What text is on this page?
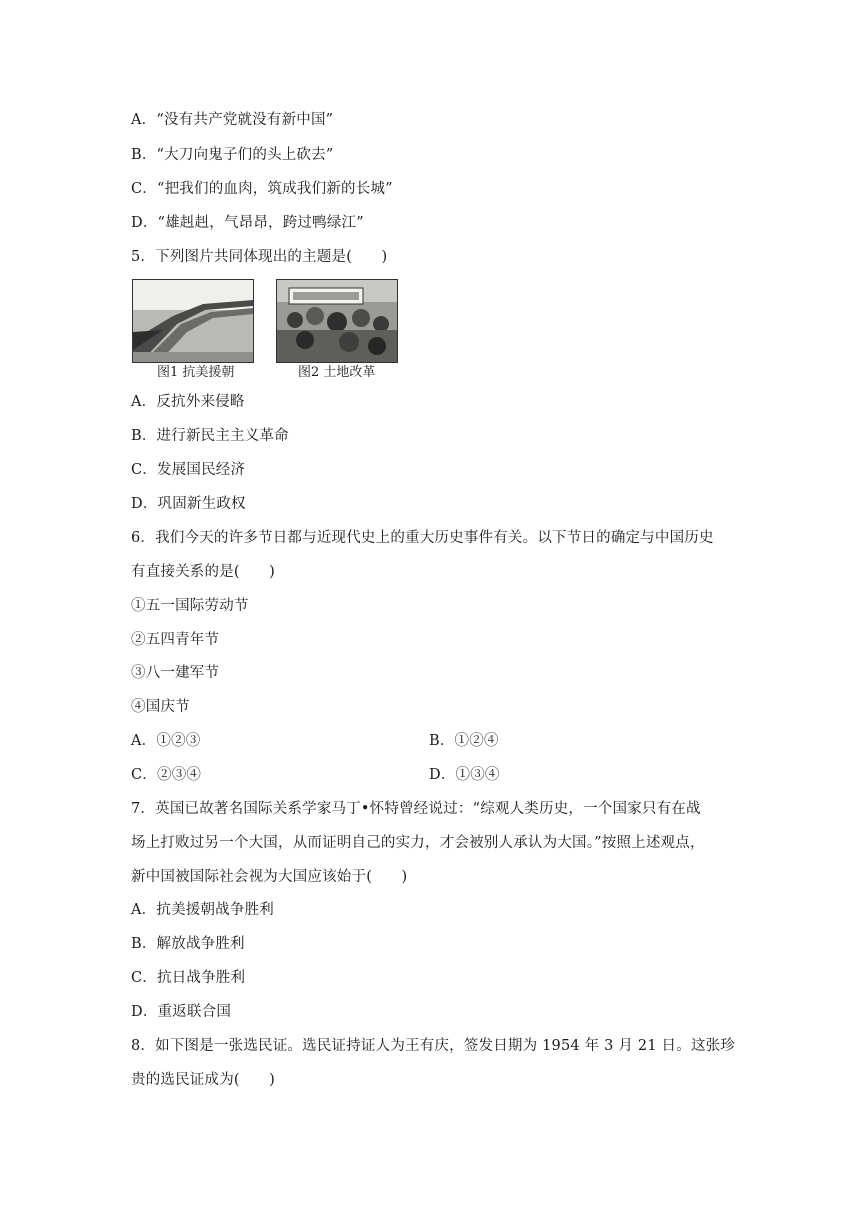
A．“没有共产党就没有新中国”
B．“大刀向鬼子们的头上砍去”
C．“把我们的血肉，筑成我们新的长城”
D．“雄赳赳，气昂昂，跨过鸭绿江”
5．下列图片共同体现出的主题是(　　)
图1 抗美援朝	图2 土地改革
A．反抗外来侵略
B．进行新民主主义革命
C．发展国民经济
D．巩固新生政权
6．我们今天的许多节日都与近现代史上的重大历史事件有关。以下节日的确定与中国历史
有直接关系的是(　　)
①五一国际劳动节
②五四青年节
③八一建军节
④国庆节
A．①②③	B．①②④
C．②③④	D．①③④
7．英国已故著名国际关系学家马丁•怀特曾经说过：“综观人类历史，一个国家只有在战
场上打败过另一个大国，从而证明自己的实力，才会被别人承认为大国。”按照上述观点，
新中国被国际社会视为大国应该始于(　　)
A．抗美援朝战争胜利
B．解放战争胜利
C．抗日战争胜利
D．重返联合国
8．如下图是一张选民证。选民证持证人为王有庆，签发日期为 1954 年 3 月 21 日。这张珍
贵的选民证成为(　　)
